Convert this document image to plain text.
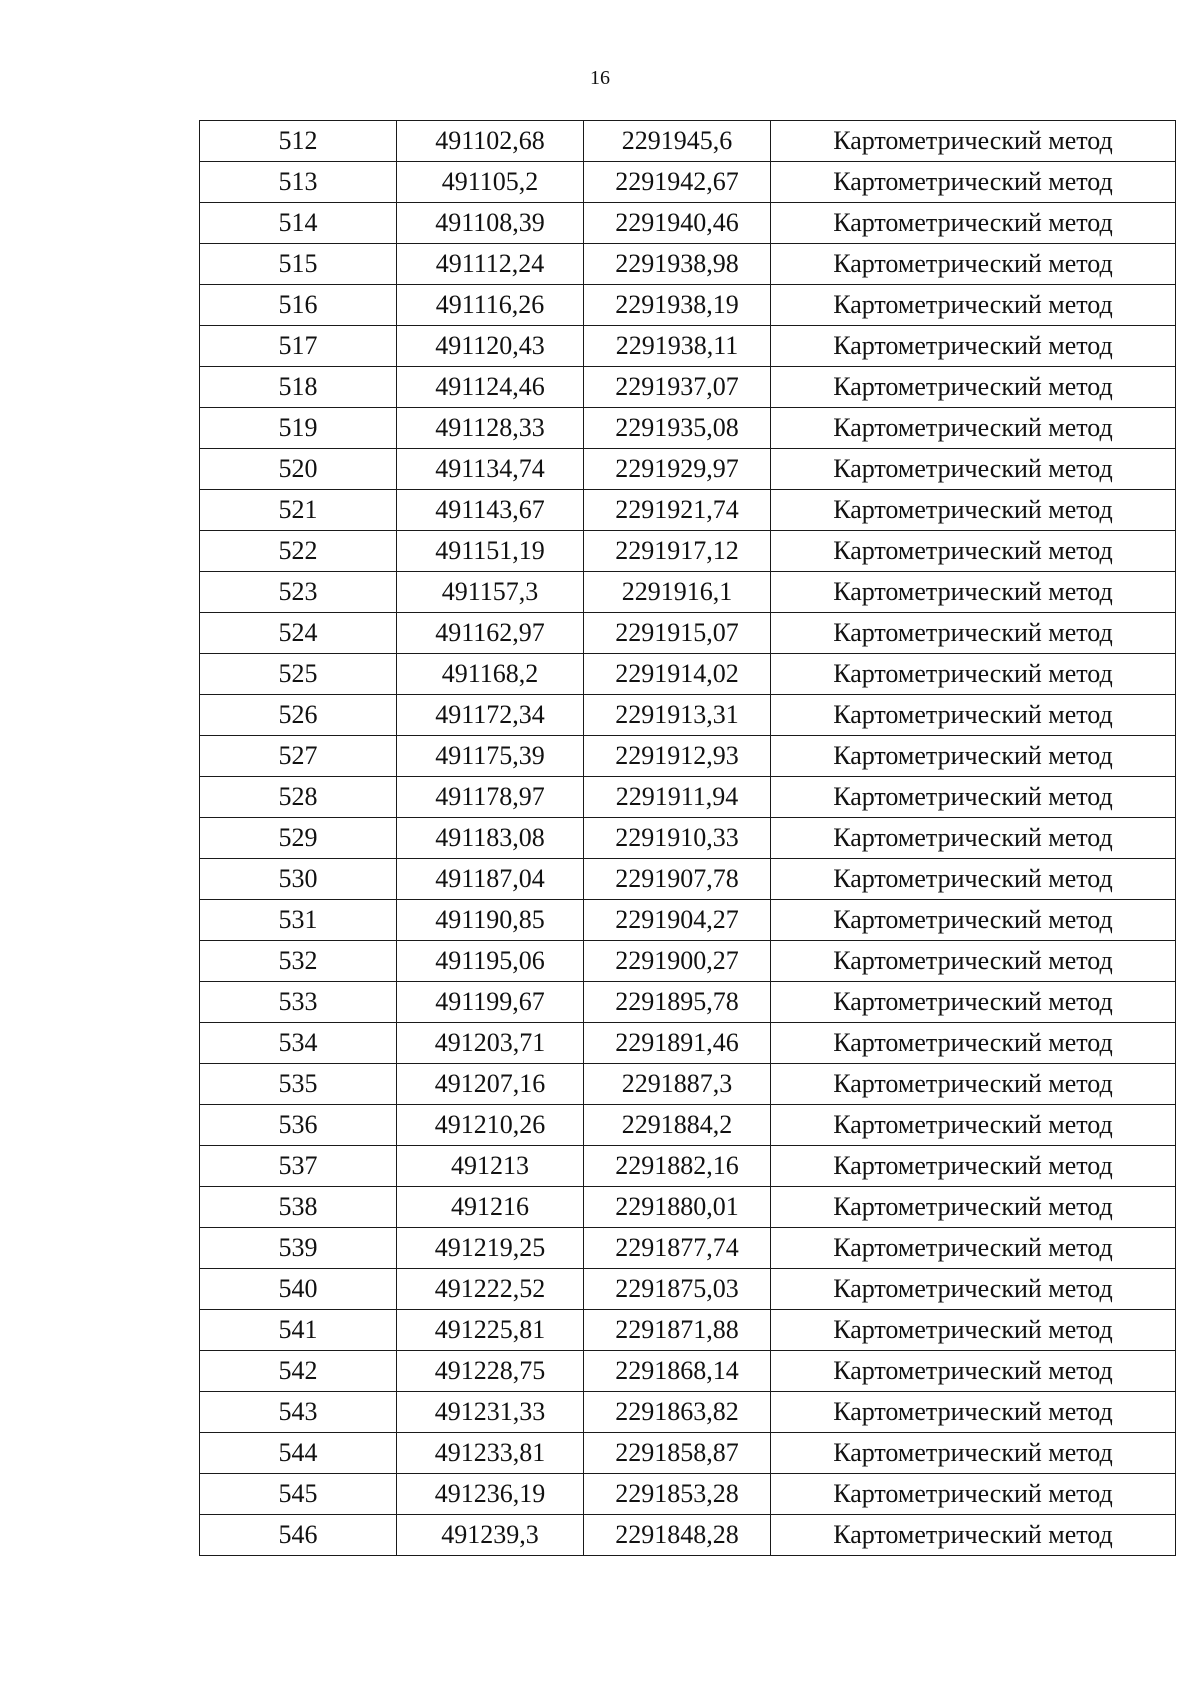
16
512	491102,68	2291945,6	Картометрический метод
513	491105,2	2291942,67	Картометрический метод
514	491108,39	2291940,46	Картометрический метод
515	491112,24	2291938,98	Картометрический метод
516	491116,26	2291938,19	Картометрический метод
517	491120,43	2291938,11	Картометрический метод
518	491124,46	2291937,07	Картометрический метод
519	491128,33	2291935,08	Картометрический метод
520	491134,74	2291929,97	Картометрический метод
521	491143,67	2291921,74	Картометрический метод
522	491151,19	2291917,12	Картометрический метод
523	491157,3	2291916,1	Картометрический метод
524	491162,97	2291915,07	Картометрический метод
525	491168,2	2291914,02	Картометрический метод
526	491172,34	2291913,31	Картометрический метод
527	491175,39	2291912,93	Картометрический метод
528	491178,97	2291911,94	Картометрический метод
529	491183,08	2291910,33	Картометрический метод
530	491187,04	2291907,78	Картометрический метод
531	491190,85	2291904,27	Картометрический метод
532	491195,06	2291900,27	Картометрический метод
533	491199,67	2291895,78	Картометрический метод
534	491203,71	2291891,46	Картометрический метод
535	491207,16	2291887,3	Картометрический метод
536	491210,26	2291884,2	Картометрический метод
537	491213	2291882,16	Картометрический метод
538	491216	2291880,01	Картометрический метод
539	491219,25	2291877,74	Картометрический метод
540	491222,52	2291875,03	Картометрический метод
541	491225,81	2291871,88	Картометрический метод
542	491228,75	2291868,14	Картометрический метод
543	491231,33	2291863,82	Картометрический метод
544	491233,81	2291858,87	Картометрический метод
545	491236,19	2291853,28	Картометрический метод
546	491239,3	2291848,28	Картометрический метод
